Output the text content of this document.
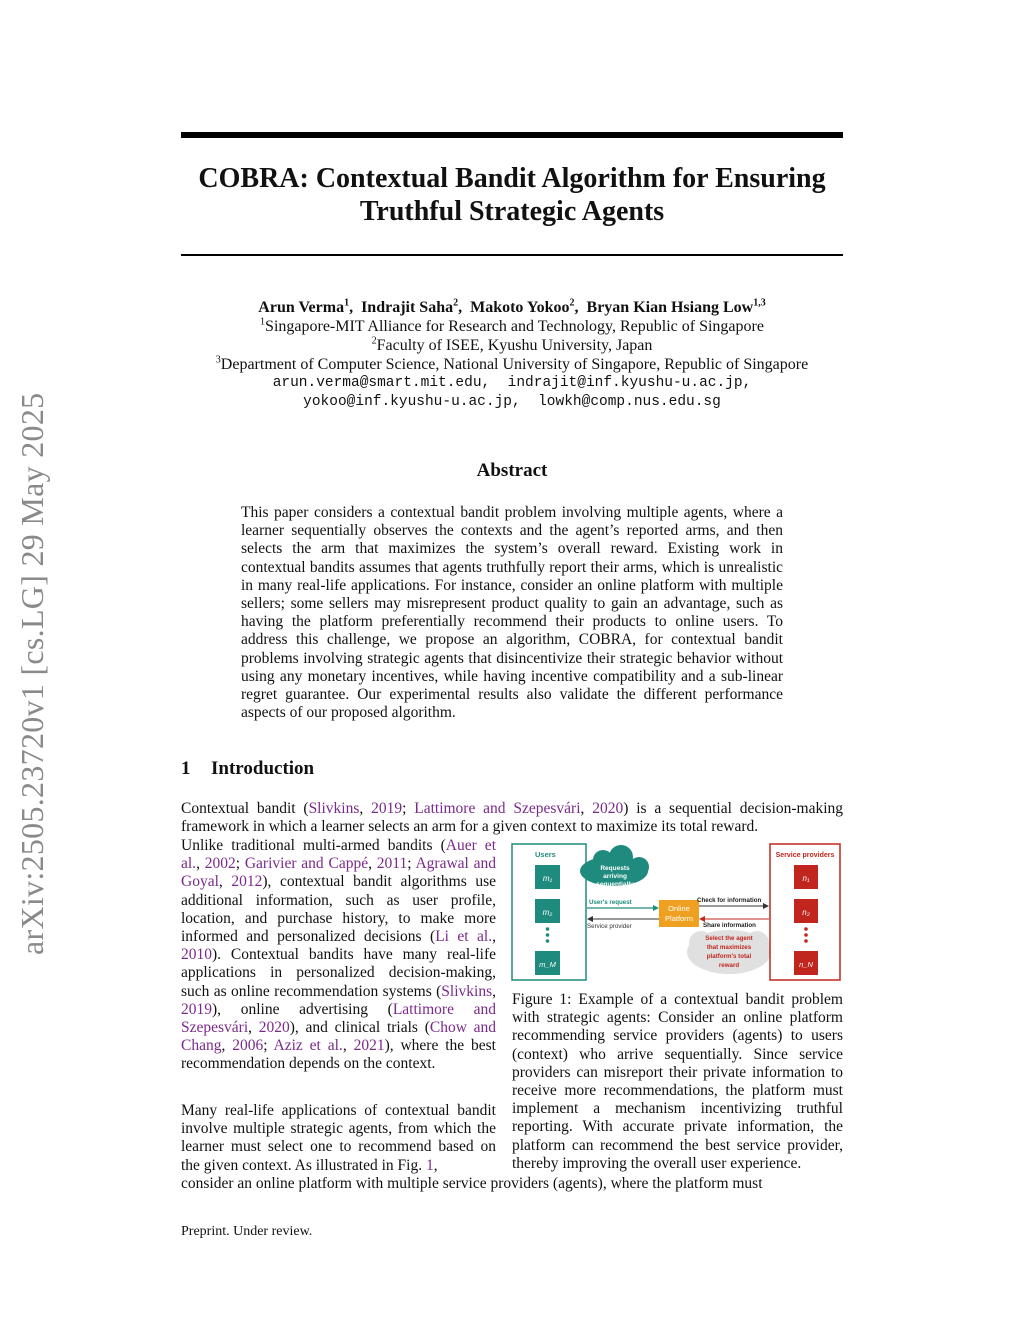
arXiv:2505.23720v1 [cs.LG] 29 May 2025
COBRA: Contextual Bandit Algorithm for Ensuring Truthful Strategic Agents
Arun Verma$^1$,  Indrajit Saha$^2$,  Makoto Yokoo$^2$,  Bryan Kian Hsiang Low$^{1,3}$
$^1$Singapore-MIT Alliance for Research and Technology, Republic of Singapore
$^2$Faculty of ISEE, Kyushu University, Japan
$^3$Department of Computer Science, National University of Singapore, Republic of Singapore
arun.verma@smart.mit.edu,  indrajit@inf.kyushu-u.ac.jp,
yokoo@inf.kyushu-u.ac.jp,  lowkh@comp.nus.edu.sg
Abstract
This paper considers a contextual bandit problem involving multiple agents, where a learner sequentially observes the contexts and the agent’s reported arms, and then selects the arm that maximizes the system’s overall reward. Existing work in contextual bandits assumes that agents truthfully report their arms, which is unrealistic in many real-life applications. For instance, consider an online platform with multiple sellers; some sellers may misrepresent product quality to gain an advantage, such as having the platform preferentially recommend their products to online users. To address this challenge, we propose an algorithm, COBRA, for contextual bandit problems involving strategic agents that disincentivize their strategic behavior without using any monetary incentives, while having incentive compatibility and a sub-linear regret guarantee. Our experimental results also validate the different performance aspects of our proposed algorithm.
1 Introduction
Contextual bandit (Slivkins, 2019; Lattimore and Szepesvári, 2020) is a sequential decision-making framework in which a learner selects an arm for a given context to maximize its total reward.
Unlike traditional multi-armed bandits (Auer et al., 2002; Garivier and Cappé, 2011; Agrawal and Goyal, 2012), contextual bandit algorithms use additional information, such as user profile, location, and purchase history, to make more informed and personalized decisions (Li et al., 2010). Contextual bandits have many real-life applications in personalized decision-making, such as online recommendation systems (Slivkins, 2019), online advertising (Lattimore and Szepesvári, 2020), and clinical trials (Chow and Chang, 2006; Aziz et al., 2021), where the best recommendation depends on the context.
Many real-life applications of contextual bandit involve multiple strategic agents, from which the learner must select one to recommend based on the given context. As illustrated in Fig. 1,
consider an online platform with multiple service providers (agents), where the platform must
Users
m₁
m₂
m_M
Requests
arriving
sequentially
User's request
Service provider
Online
Platform
Check for information
Share information
Select the agent
that maximizes
platform's total
reward
Service providers
n₁
n₂
n_N
Figure 1: Example of a contextual bandit problem with strategic agents: Consider an online platform recommending service providers (agents) to users (context) who arrive sequentially. Since service providers can misreport their private information to receive more recommendations, the platform must implement a mechanism incentivizing truthful reporting. With accurate private information, the platform can recommend the best service provider, thereby improving the overall user experience.
Preprint. Under review.
